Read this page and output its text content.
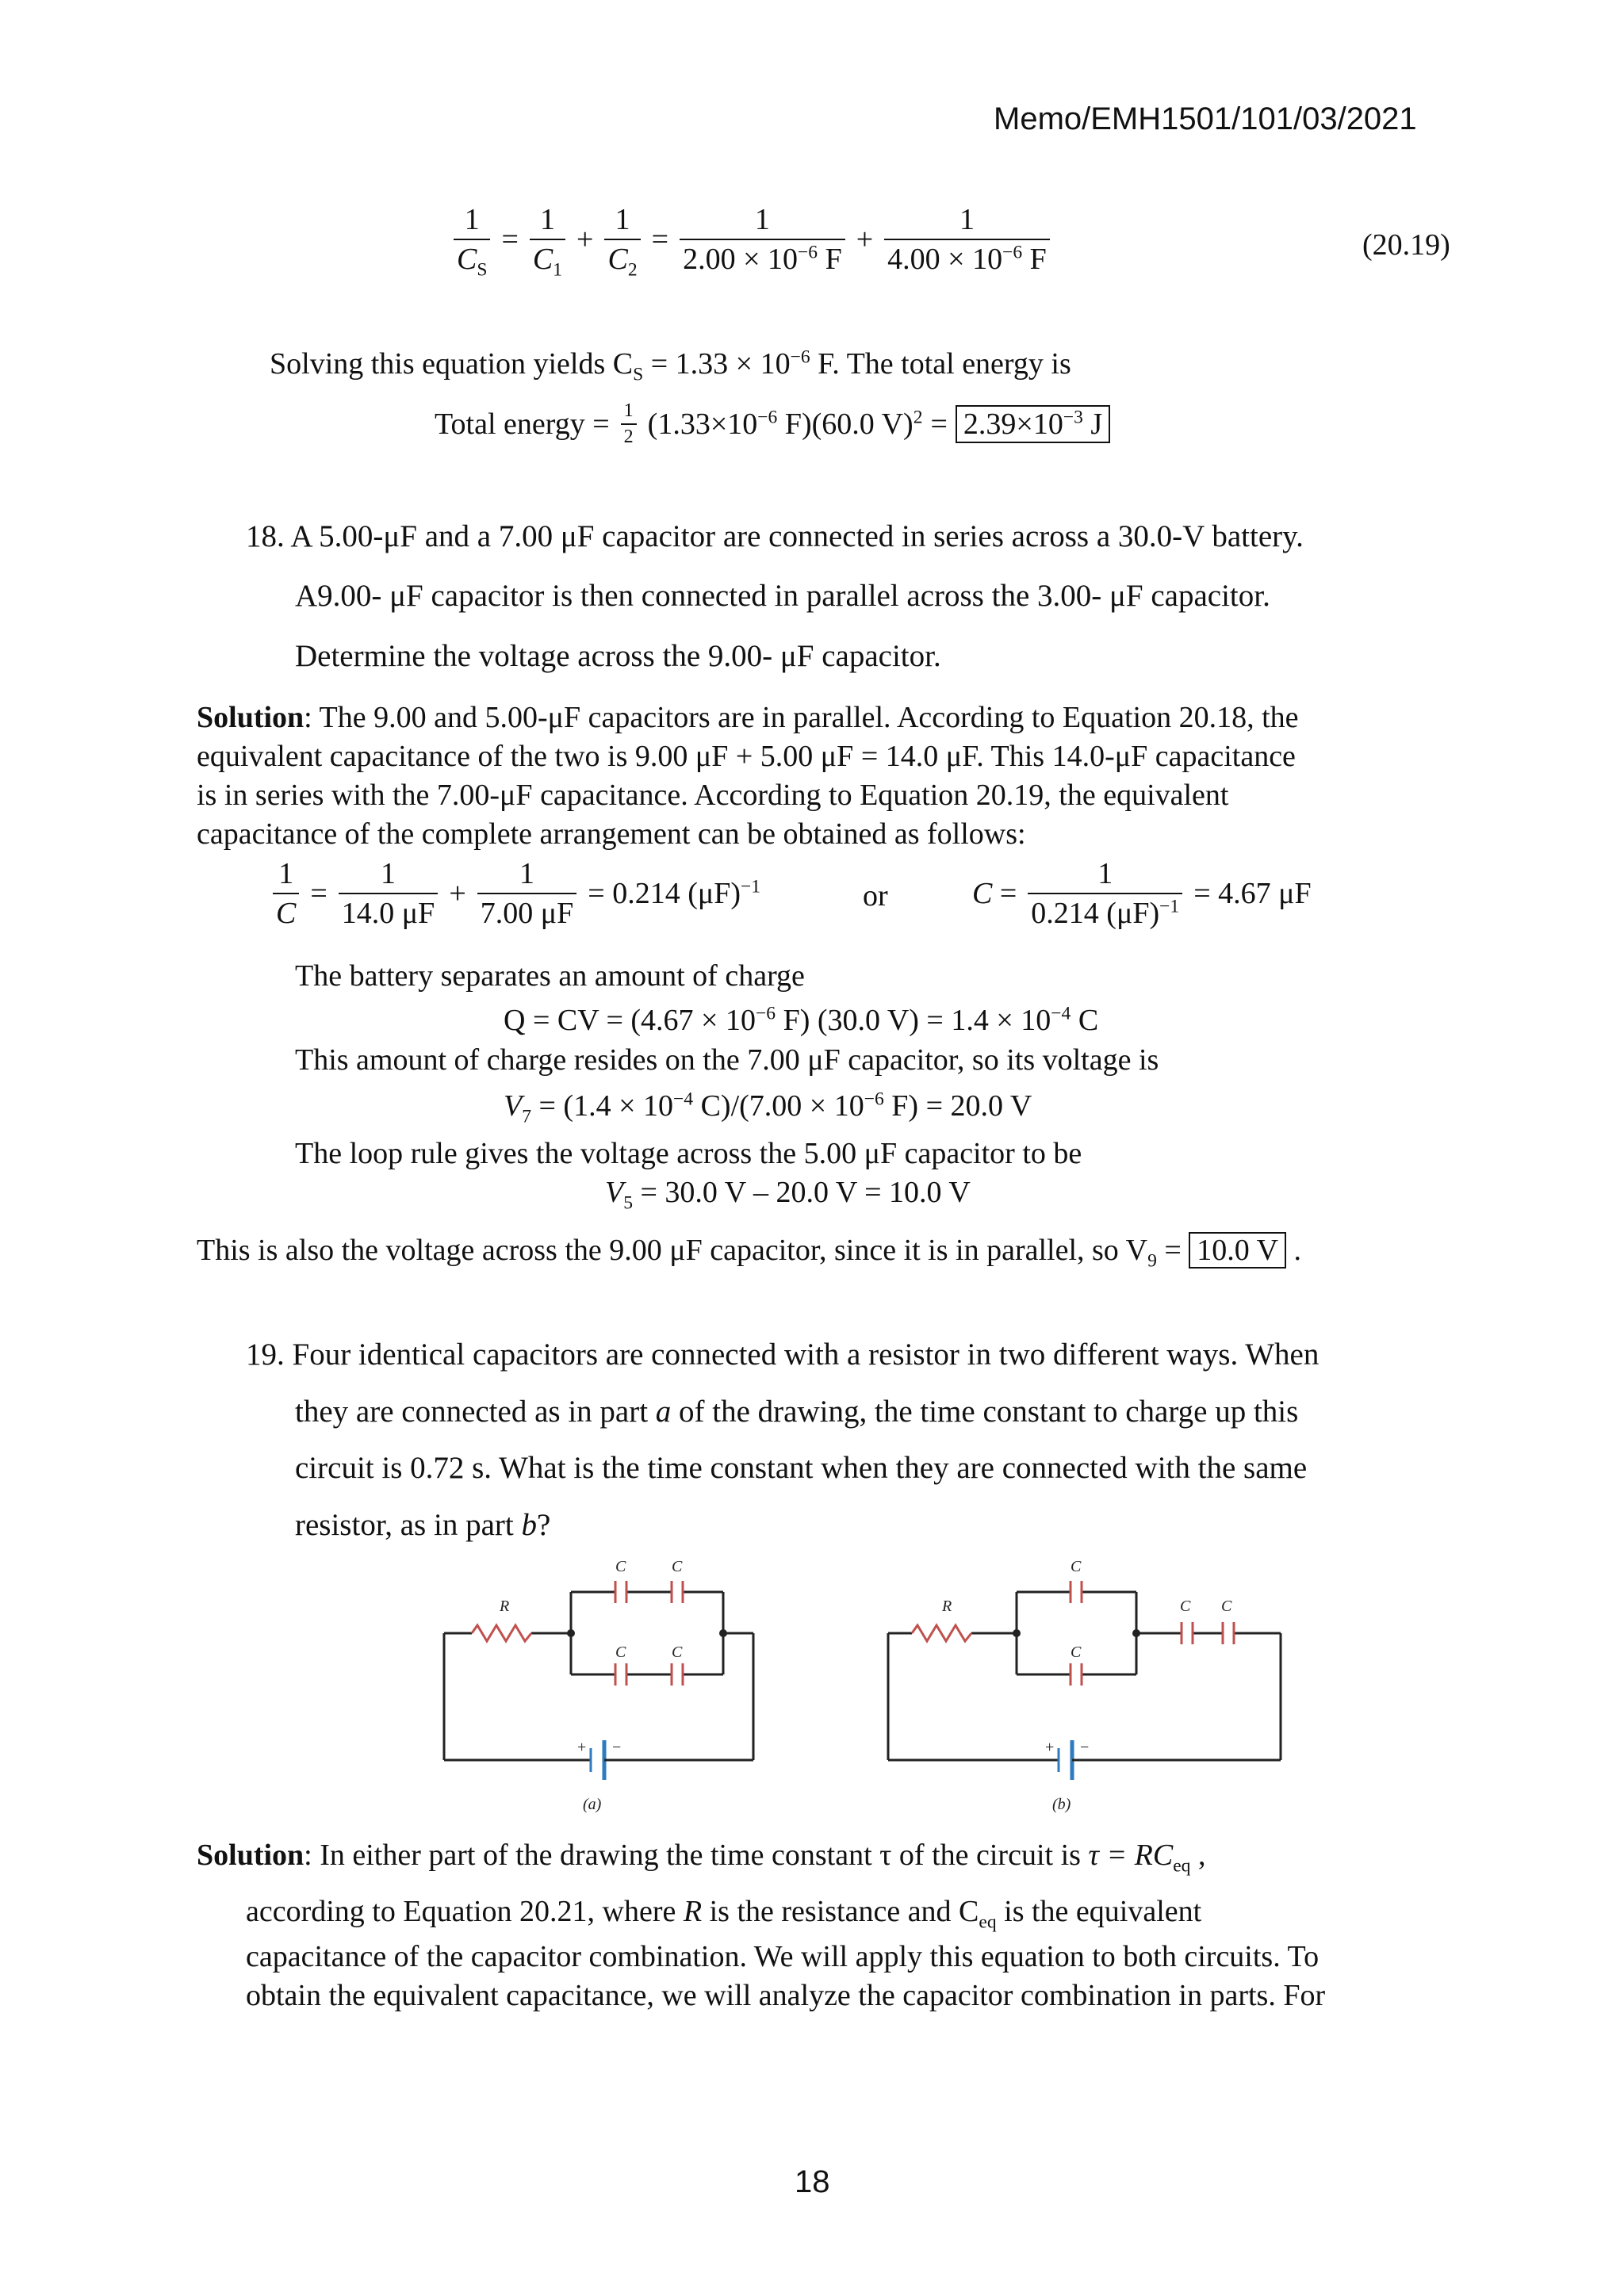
Memo/EMH1501/101/03/2021
$\frac{1}{C_S} = \frac{1}{C_1} + \frac{1}{C_2} = \frac{1}{2.00 \times 10^{-6} F} + \frac{1}{4.00 \times 10^{-6} F}$	(20.19)
Solving this equation yields $C_S = 1.33 \times 10^{-6}$ F. The total energy is
Total energy = $\frac{1}{2} (1.33\times 10^{-6}$ F)(60.0 $V)^2 = 2.39\times 10^{-3}$ J
18. A 5.00-μF and a 7.00 μF capacitor are connected in series across a 30.0-V battery.
A9.00- μF capacitor is then connected in parallel across the 3.00- μF capacitor.
Determine the voltage across the 9.00- μF capacitor.
Solution: The 9.00 and 5.00-μF capacitors are in parallel. According to Equation 20.18, the
equivalent capacitance of the two is 9.00 μF + 5.00 μF = 14.0 μF. This 14.0-μF capacitance
is in series with the 7.00-μF capacitance. According to Equation 20.19, the equivalent
capacitance of the complete arrangement can be obtained as follows:
$\frac{1}{C} = \frac{1}{14.0 \mu F} + \frac{1}{7.00 \mu F} = 0.214$ $(\mu F)^{-1}$	or	$C = \frac{1}{0.214 (\mu F)^{-1}} = 4.67$ μF
The battery separates an amount of charge
Q = CV = ($4.67 \times 10^{-6}$ F) (30.0 $V) = 1.4 \times 10^{-4}$ C
This amount of charge resides on the 7.00 μF capacitor, so its voltage is
$V_7 = (1.4 \times 10^{-4}$ $C)/(7.00 \times 10^{-6}$ F) = 20.0 V
The loop rule gives the voltage across the 5.00 μF capacitor to be
$V_5 = 30.0$ V – 20.0 V = 10.0 V
This is also the voltage across the 9.00 μF capacitor, since it is in parallel, so $V_9 = 10.0$ V .
19. Four identical capacitors are connected with a resistor in two different ways. When
they are connected as in part a of the drawing, the time constant to charge up this
circuit is 0.72 s. What is the time constant when they are connected with the same
resistor, as in part b?
R
C	C
C	C
+ −
(a)
R
C
C
C C
+ −
(b)
Solution: In either part of the drawing the time constant τ of the circuit is $\tau = RC_{eq}$ ,
according to Equation 20.21, where R is the resistance and $C_{eq}$ is the equivalent
capacitance of the capacitor combination. We will apply this equation to both circuits. To
obtain the equivalent capacitance, we will analyze the capacitor combination in parts. For
18
